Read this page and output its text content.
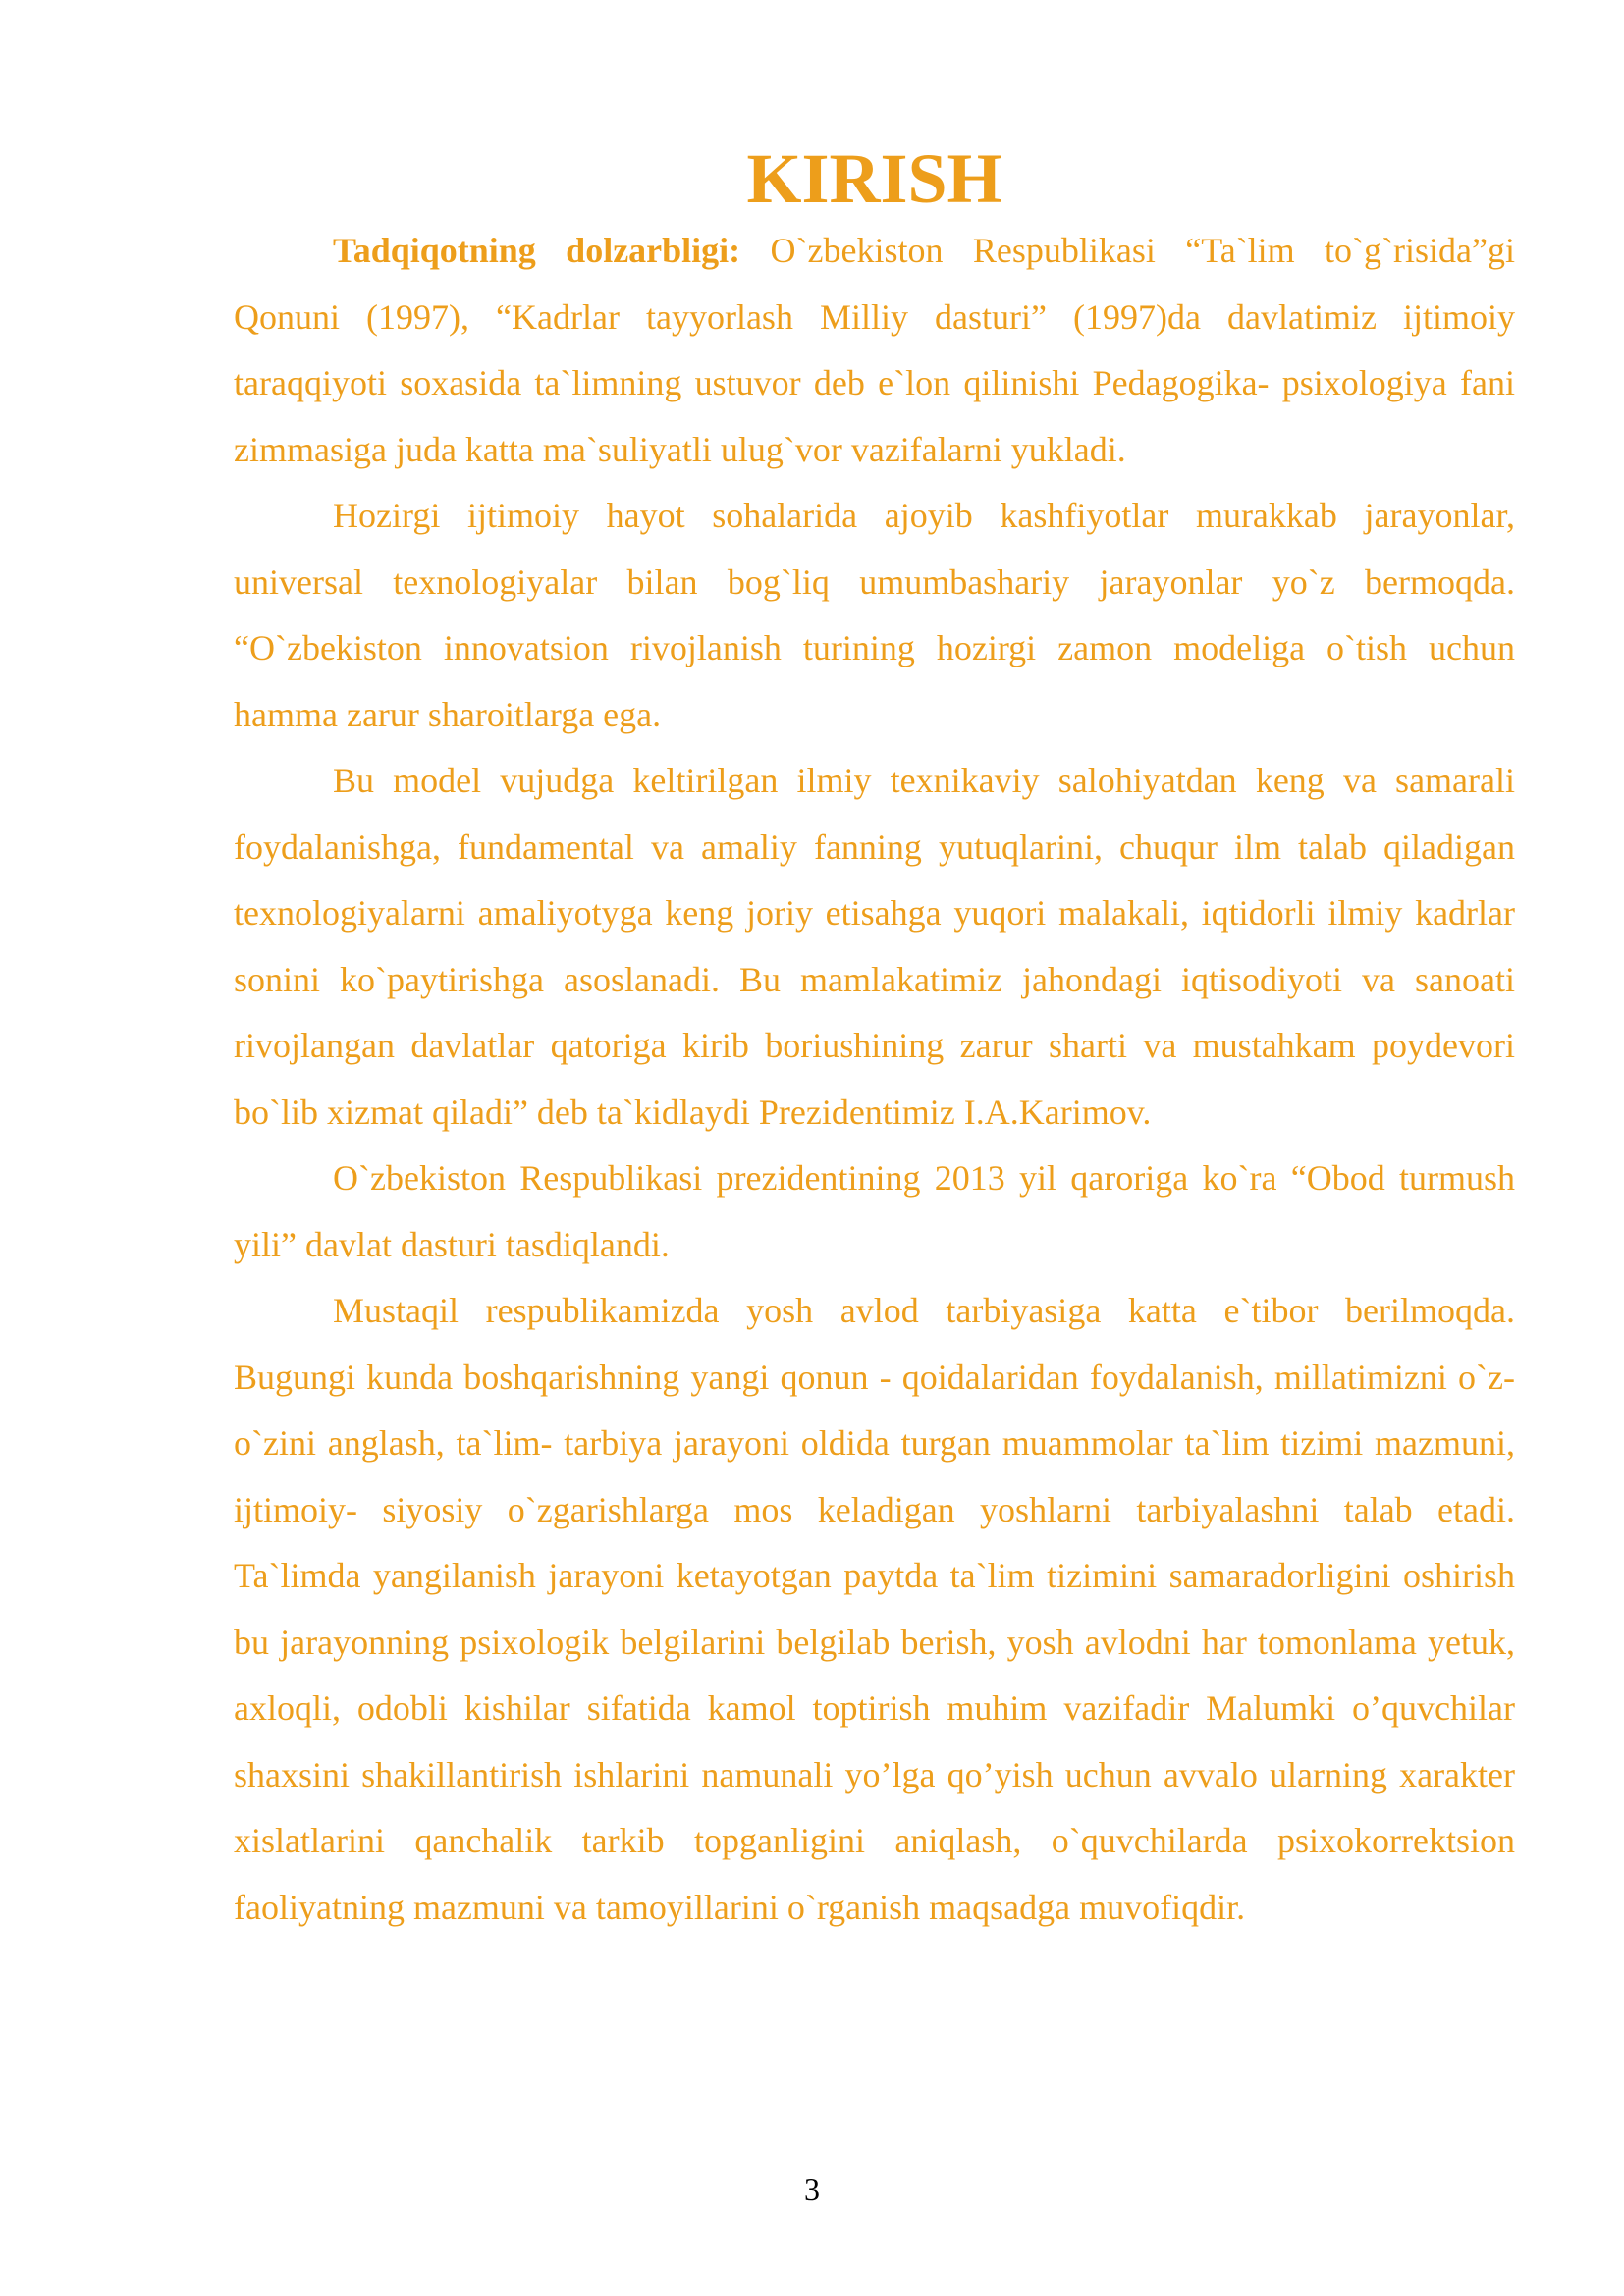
KIRISH

Tadqiqotning dolzarbligi: O`zbekiston Respublikasi “Ta`lim to`g`risida”gi Qonuni (1997), “Kadrlar tayyorlash Milliy dasturi” (1997)da davlatimiz ijtimoiy taraqqiyoti soxasida ta`limning ustuvor deb e`lon qilinishi Pedagogika- psixologiya fani zimmasiga juda katta ma`suliyatli ulug`vor vazifalarni yukladi.

Hozirgi ijtimoiy hayot sohalarida ajoyib kashfiyotlar murakkab jarayonlar, universal texnologiyalar bilan bog`liq umumbashariy jarayonlar yo`z bermoqda. “O`zbekiston innovatsion rivojlanish turining hozirgi zamon modeliga o`tish uchun hamma zarur sharoitlarga ega.

Bu model vujudga keltirilgan ilmiy texnikaviy salohiyatdan keng va samarali foydalanishga, fundamental va amaliy fanning yutuqlarini, chuqur ilm talab qiladigan texnologiyalarni amaliyotyga keng joriy etisahga yuqori malakali, iqtidorli ilmiy kadrlar sonini ko`paytirishga asoslanadi. Bu mamlakatimiz jahondagi iqtisodiyoti va sanoati rivojlangan davlatlar qatoriga kirib boriushining zarur sharti va mustahkam poydevori bo`lib xizmat qiladi” deb ta`kidlaydi Prezidentimiz I.A.Karimov.

O`zbekiston Respublikasi prezidentining 2013 yil qaroriga ko`ra “Obod turmush yili” davlat dasturi tasdiqlandi.

Mustaqil respublikamizda yosh avlod tarbiyasiga katta e`tibor berilmoqda. Bugungi kunda boshqarishning yangi qonun - qoidalaridan foydalanish, millatimizni o`z- o`zini anglash, ta`lim- tarbiya jarayoni oldida turgan muammolar ta`lim tizimi mazmuni, ijtimoiy- siyosiy o`zgarishlarga mos keladigan yoshlarni tarbiyalashni talab etadi. Ta`limda yangilanish jarayoni ketayotgan paytda ta`lim tizimini samaradorligini oshirish bu jarayonning psixologik belgilarini belgilab berish, yosh avlodni har tomonlama yetuk, axloqli, odobli kishilar sifatida kamol toptirish muhim vazifadir Malumki o’quvchilar shaxsini shakillantirish ishlarini namunali yo’lga qo’yish uchun avvalo ularning xarakter xislatlarini qanchalik tarkib topganligini aniqlash, o`quvchilarda psixokorrektsion faoliyatning mazmuni va tamoyillarini o`rganish maqsadga muvofiqdir.

3
